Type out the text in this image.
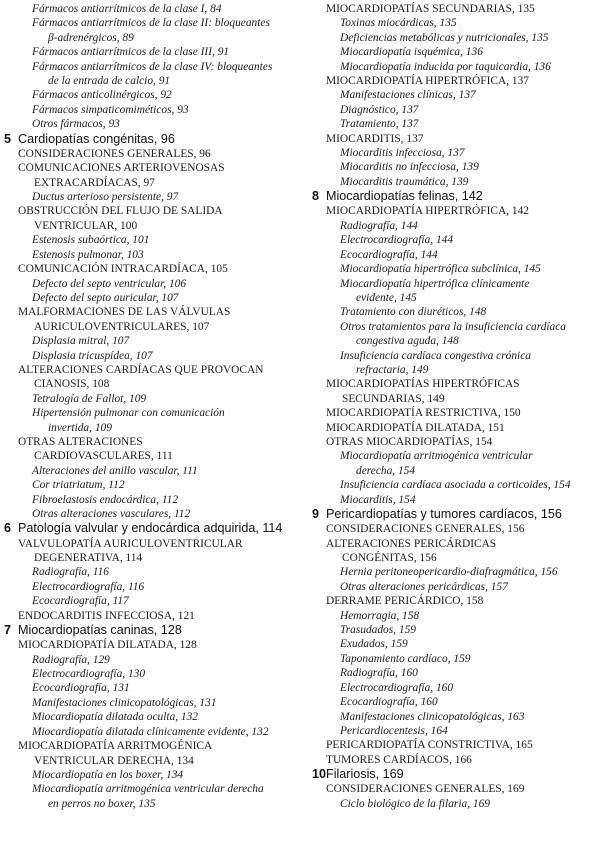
Fármacos antiarrítmicos de la clase I, 84
Fármacos antiarrítmicos de la clase II: bloqueantes
β-adrenérgicos, 89
Fármacos antiarrítmicos de la clase III, 91
Fármacos antiarrítmicos de la clase IV: bloqueantes
de la entrada de calcio, 91
Fármacos anticolinérgicos, 92
Fármacos simpaticomiméticos, 93
Otros fármacos, 93
5 Cardiopatías congénitas, 96
CONSIDERACIONES GENERALES, 96
COMUNICACIONES ARTERIOVENOSAS
EXTRACARDÍACAS, 97
Ductus arterioso persistente, 97
OBSTRUCCIÓN DEL FLUJO DE SALIDA
VENTRICULAR, 100
Estenosis subaórtica, 101
Estenosis pulmonar, 103
COMUNICACIÓN INTRACARDÍACA, 105
Defecto del septo ventricular, 106
Defecto del septo auricular, 107
MALFORMACIONES DE LAS VÁLVULAS
AURICULOVENTRICULARES, 107
Displasia mitral, 107
Displasia tricuspídea, 107
ALTERACIONES CARDÍACAS QUE PROVOCAN
CIANOSIS, 108
Tetralogía de Fallot, 109
Hipertensión pulmonar con comunicación
invertida, 109
OTRAS ALTERACIONES
CARDIOVASCULARES, 111
Alteraciones del anillo vascular, 111
Cor triatriatum, 112
Fibroelastosis endocárdica, 112
Otras alteraciones vasculares, 112
6 Patología valvular y endocárdica adquirida, 114
VALVULOPATÍA AURICULOVENTRICULAR
DEGENERATIVA, 114
Radiografía, 116
Electrocardiografía, 116
Ecocardiografía, 117
ENDOCARDITIS INFECCIOSA, 121
7 Miocardiopatías caninas, 128
MIOCARDIOPATÍA DILATADA, 128
Radiografía, 129
Electrocardiografía, 130
Ecocardiografía, 131
Manifestaciones clinicopatológicas, 131
Miocardiopatía dilatada oculta, 132
Miocardiopatía dilatada clínicamente evidente, 132
MIOCARDIOPATÍA ARRITMOGÉNICA
VENTRICULAR DERECHA, 134
Miocardiopatía en los boxer, 134
Miocardiopatía arritmogénica ventricular derecha
en perros no boxer, 135
MIOCARDIOPATÍAS SECUNDARIAS, 135
Toxinas miocárdicas, 135
Deficiencias metabólicas y nutricionales, 135
Miocardiopatía isquémica, 136
Miocardiopatía inducida por taquicardia, 136
MIOCARDIOPATÍA HIPERTRÓFICA, 137
Manifestaciones clínicas, 137
Diagnóstico, 137
Tratamiento, 137
MIOCARDITIS, 137
Miocarditis infecciosa, 137
Miocarditis no infecciosa, 139
Miocarditis traumática, 139
8 Miocardiopatías felinas, 142
MIOCARDIOPATÍA HIPERTRÓFICA, 142
Radiografía, 144
Electrocardiografía, 144
Ecocardiografía, 144
Miocardiopatía hipertrófica subclínica, 145
Miocardiopatía hipertrófica clínicamente
evidente, 145
Tratamiento con diuréticos, 148
Otros tratamientos para la insuficiencia cardíaca
congestiva aguda, 148
Insuficiencia cardíaca congestiva crónica
refractaria, 149
MIOCARDIOPATÍAS HIPERTRÓFICAS
SECUNDARIAS, 149
MIOCARDIOPATÍA RESTRICTIVA, 150
MIOCARDIOPATÍA DILATADA, 151
OTRAS MIOCARDIOPATÍAS, 154
Miocardiopatía arritmogénica ventricular
derecha, 154
Insuficiencia cardíaca asociada a corticoides, 154
Miocarditis, 154
9 Pericardiopatías y tumores cardíacos, 156
CONSIDERACIONES GENERALES, 156
ALTERACIONES PERICÁRDICAS
CONGÉNITAS, 156
Hernia peritoneopericardio-diafragmática, 156
Otras alteraciones pericárdicas, 157
DERRAME PERICÁRDICO, 158
Hemorragia, 158
Trasudados, 159
Exudados, 159
Taponamiento cardíaco, 159
Radiografía, 160
Electrocardiografía, 160
Ecocardiografía, 160
Manifestaciones clinicopatológicas, 163
Pericardiocentesis, 164
PERICARDIOPATÍA CONSTRICTIVA, 165
TUMORES CARDÍACOS, 166
10Filariosis, 169
CONSIDERACIONES GENERALES, 169
Ciclo biológico de la filaria, 169
